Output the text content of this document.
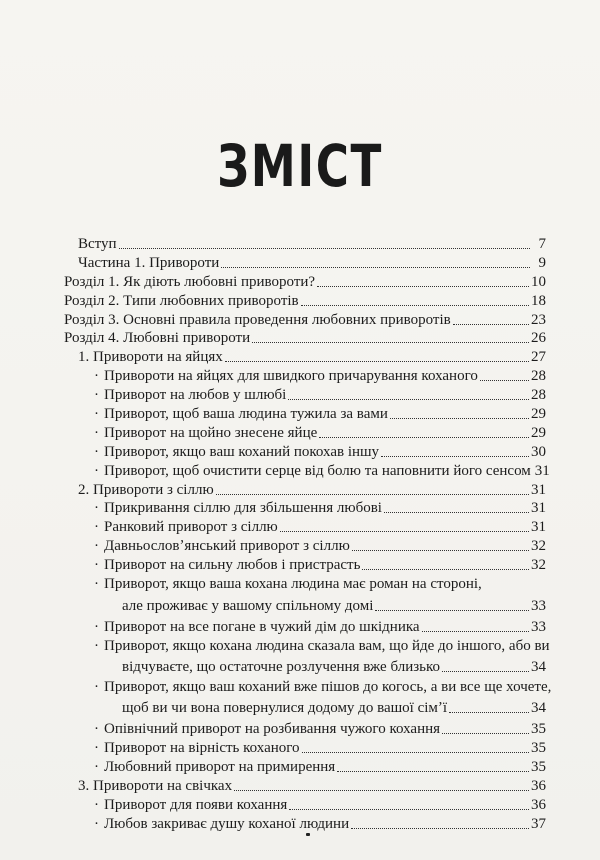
ЗМІСТ
Вступ	7
Частина 1. Привороти	9
Розділ 1. Як діють любовні привороти?	10
Розділ 2. Типи любовних приворотів	18
Розділ 3. Основні правила проведення любовних приворотів	23
Розділ 4. Любовні привороти	26
1. Привороти на яйцях	27
· Привороти на яйцях для швидкого причарування коханого	28
· Приворот на любов у шлюбі	28
· Приворот, щоб ваша людина тужила за вами	29
· Приворот на щойно знесене яйце	29
· Приворот, якщо ваш коханий покохав іншу	30
· Приворот, щоб очистити серце від болю та наповнити його сенсом 31
2. Привороти з сіллю	31
· Прикривання сіллю для збільшення любові	31
· Ранковий приворот з сіллю	31
· Давньословʼянський приворот з сіллю	32
· Приворот на сильну любов і пристрасть	32
· Приворот, якщо ваша кохана людина має роман на стороні,
але проживає у вашому спільному домі	33
· Приворот на все погане в чужий дім до шкідника	33
· Приворот, якщо кохана людина сказала вам, що йде до іншого, або ви
відчуваєте, що остаточне розлучення вже близько	34
· Приворот, якщо ваш коханий вже пішов до когось, а ви все ще хочете,
щоб ви чи вона повернулися додому до вашої сімʼї	34
· Опівнічний приворот на розбивання чужого кохання	35
· Приворот на вірність коханого	35
· Любовний приворот на примирення	35
3. Привороти на свічках	36
· Приворот для появи кохання	36
· Любов закриває душу коханої людини	37
